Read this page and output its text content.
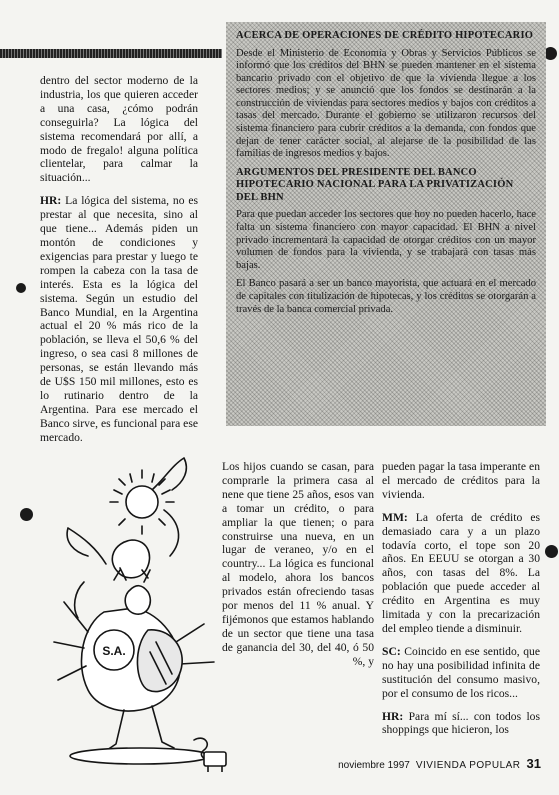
dentro del sector moderno de la industria, los que quieren acceder a una casa, ¿cómo podrán conseguirla? La lógica del sistema recomendará por allí, a modo de fregalo! alguna política clientelar, para calmar la situación...

HR: La lógica del sistema, no es prestar al que necesita, sino al que tiene... Además piden un montón de condiciones y exigencias para prestar y luego te rompen la cabeza con la tasa de interés. Esta es la lógica del sistema. Según un estudio del Banco Mundial, en la Argentina actual el 20 % más rico de la población, se lleva el 50,6 % del ingreso, o sea casi 8 millones de personas, se están llevando más de U$S 150 mil millones, esto es lo rutinario dentro de la Argentina. Para ese mercado el Banco sirve, es funcional para ese mercado.

ACERCA DE OPERACIONES DE CRÉDITO HIPOTECARIO
Desde el Ministerio de Economía y Obras y Servicios Públicos se informó que los créditos del BHN se pueden mantener en el sistema bancario privado con el objetivo de que la vivienda llegue a los sectores medios; y se anunció que los fondos se destinarán a la construcción de viviendas para sectores medios y bajos con créditos a tasas del mercado. Durante el gobierno se utilizaron recursos del sistema financiero para cubrir créditos a la demanda, con fondos que dejan de tener carácter social, al alejarse de la posibilidad de las familias de ingresos medios y bajos.
ARGUMENTOS DEL PRESIDENTE DEL BANCO HIPOTECARIO NACIONAL PARA LA PRIVATIZACIÓN DEL BHN
Para que puedan acceder los sectores que hoy no pueden hacerlo, hace falta un sistema financiero con mayor capacidad. El BHN a nivel privado incrementará la capacidad de otorgar créditos con un mayor volumen de fondos para la vivienda, y se trabajará con tasas más bajas.
El Banco pasará a ser un banco mayorista, que actuará en el mercado de capitales con titulización de hipotecas, y los créditos se otorgarán a través de la banca comercial privada.
S.A.

Los hijos cuando se casan, para comprarle la primera casa al nene que tiene 25 años, esos van a tomar un crédito, o para ampliar la que tienen; o para construirse una nueva, en un lugar de veraneo, y/o en el country... La lógica es funcional al modelo, ahora los bancos privados están ofreciendo tasas por menos del 11 % anual. Y fijémonos que estamos hablando de un sector que tiene una tasa de ganancia del 30, del 40, ó 50 %, y

pueden pagar la tasa imperante en el mercado de créditos para la vivienda.

MM: La oferta de crédito es demasiado cara y a un plazo todavía corto, el tope son 20 años. En EEUU se otorgan a 30 años, con tasas del 8%. La población que puede acceder al crédito en Argentina es muy limitada y con la precarización del empleo tiende a disminuir.

SC: Coincido en ese sentido, que no hay una posibilidad infinita de sustitución del consumo masivo, por el consumo de los ricos...

HR: Para mí sí... con todos los shoppings que hicieron, los

noviembre 1997 VIVIENDA POPULAR 31
